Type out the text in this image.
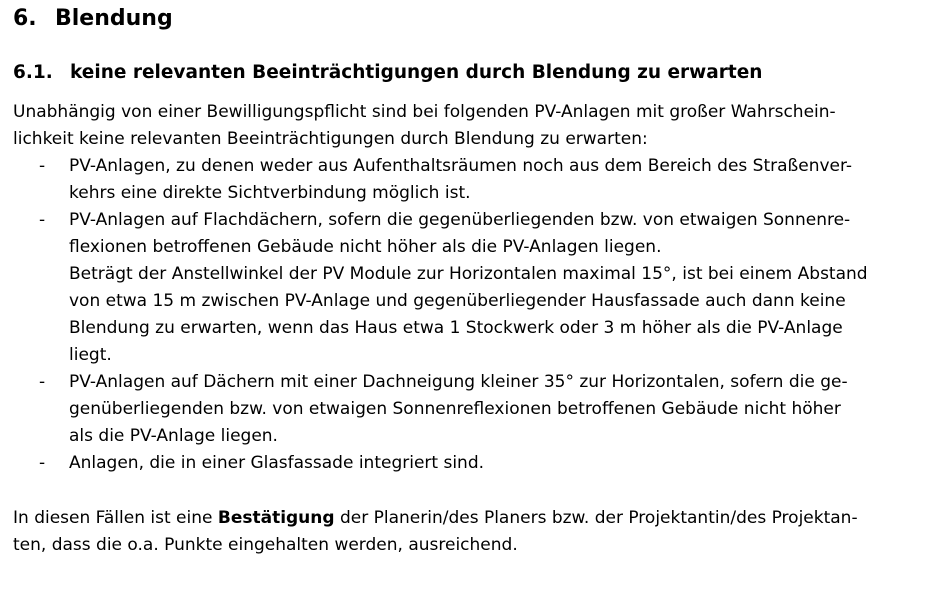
6. Blendung
6.1. keine relevanten Beeinträchtigungen durch Blendung zu erwarten
Unabhängig von einer Bewilligungspflicht sind bei folgenden PV-Anlagen mit großer Wahrschein-
lichkeit keine relevanten Beeinträchtigungen durch Blendung zu erwarten:
- PV-Anlagen, zu denen weder aus Aufenthaltsräumen noch aus dem Bereich des Straßenver-
kehrs eine direkte Sichtverbindung möglich ist.
- PV-Anlagen auf Flachdächern, sofern die gegenüberliegenden bzw. von etwaigen Sonnenre-
flexionen betroffenen Gebäude nicht höher als die PV-Anlagen liegen.
Beträgt der Anstellwinkel der PV Module zur Horizontalen maximal 15°, ist bei einem Abstand
von etwa 15 m zwischen PV-Anlage und gegenüberliegender Hausfassade auch dann keine
Blendung zu erwarten, wenn das Haus etwa 1 Stockwerk oder 3 m höher als die PV-Anlage
liegt.
- PV-Anlagen auf Dächern mit einer Dachneigung kleiner 35° zur Horizontalen, sofern die ge-
genüberliegenden bzw. von etwaigen Sonnenreflexionen betroffenen Gebäude nicht höher
als die PV-Anlage liegen.
- Anlagen, die in einer Glasfassade integriert sind.
In diesen Fällen ist eine Bestätigung der Planerin/des Planers bzw. der Projektantin/des Projektan-
ten, dass die o.a. Punkte eingehalten werden, ausreichend.
